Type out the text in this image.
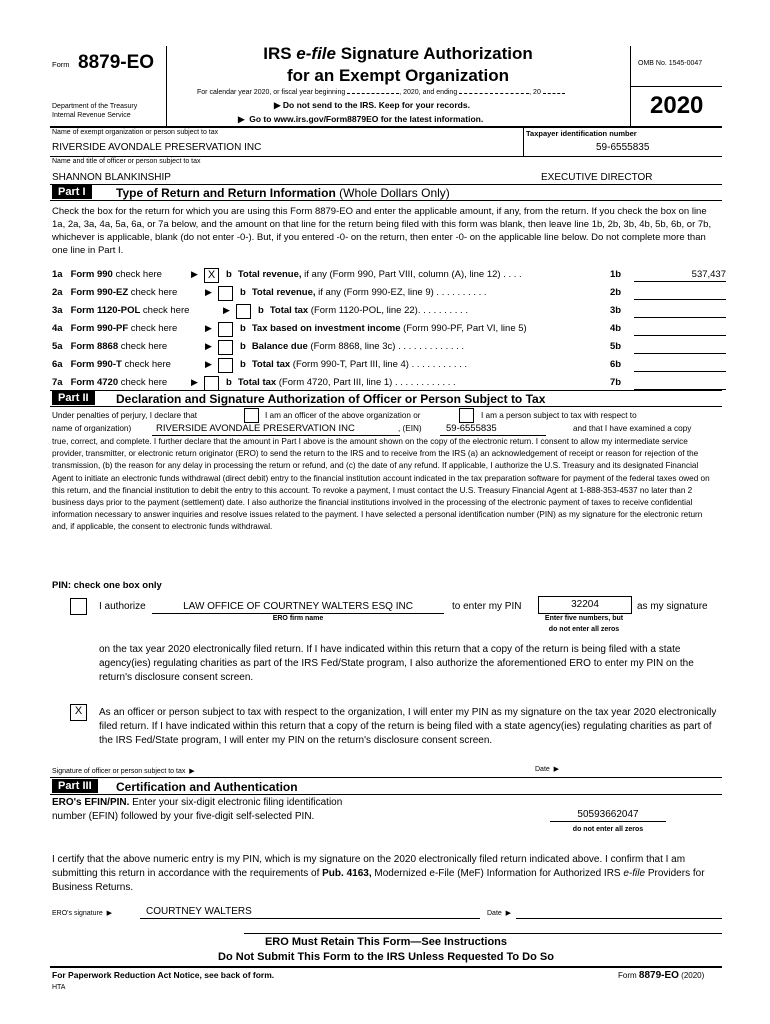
Form 8879-EO
Department of the Treasury
Internal Revenue Service
IRS e-file Signature Authorization
for an Exempt Organization
For calendar year 2020, or fiscal year beginning	, 2020, and ending	, 20
▶ Do not send to the IRS. Keep for your records.
▶  Go to www.irs.gov/Form8879EO for the latest information.
OMB No. 1545-0047
2020
Name of exempt organization or person subject to tax	Taxpayer identification number
RIVERSIDE AVONDALE PRESERVATION INC	59-6555835
Name and title of officer or person subject to tax
SHANNON BLANKINSHIP	EXECUTIVE DIRECTOR
Part I	Type of Return and Return Information (Whole Dollars Only)
Check the box for the return for which you are using this Form 8879-EO and enter the applicable amount, if any, from the return. If you check the box on line 1a, 2a, 3a, 4a, 5a, 6a, or 7a below, and the amount on that line for the return being filed with this form was blank, then leave line 1b, 2b, 3b, 4b, 5b, 6b, or 7b, whichever is applicable, blank (do not enter -0-). But, if you entered -0- on the return, then enter -0- on the applicable line below. Do not complete more than one line in Part I.
1a Form 990 check here	▶ X	b Total revenue, if any (Form 990, Part VIII, column (A), line 12) . . . .	1b	537,437
2a Form 990-EZ check here	▶	b Total revenue, if any (Form 990-EZ, line 9) . . . . . . . . . .	2b
3a Form 1120-POL check here	▶	b Total tax (Form 1120-POL, line 22). . . . . . . . . .	3b
4a Form 990-PF check here	▶	b Tax based on investment income (Form 990-PF, Part VI, line 5)	4b
5a Form 8868 check here	▶	b Balance due (Form 8868, line 3c) . . . . . . . . . . . . .	5b
6a Form 990-T check here	▶	b Total tax (Form 990-T, Part III, line 4) . . . . . . . . . . .	6b
7a Form 4720 check here	▶	b Total tax (Form 4720, Part III, line 1) . . . . . . . . . . . .	7b
Part II	Declaration and Signature Authorization of Officer or Person Subject to Tax
Under penalties of perjury, I declare that	I am an officer of the above organization or	I am a person subject to tax with respect to
name of organization)	RIVERSIDE AVONDALE PRESERVATION INC	, (EIN)	59-6555835	and that I have examined a copy
true, correct, and complete. I further declare that the amount in Part I above is the amount shown on the copy of the electronic return. I consent to allow my intermediate service provider, transmitter, or electronic return originator (ERO) to send the return to the IRS and to receive from the IRS (a) an acknowledgement of receipt or reason for rejection of the transmission, (b) the reason for any delay in processing the return or refund, and (c) the date of any refund. If applicable, I authorize the U.S. Treasury and its designated Financial Agent to initiate an electronic funds withdrawal (direct debit) entry to the financial institution account indicated in the tax preparation software for payment of the federal taxes owed on this return, and the financial institution to debit the entry to this account. To revoke a payment, I must contact the U.S. Treasury Financial Agent at 1-888-353-4537 no later than 2 business days prior to the payment (settlement) date. I also authorize the financial institutions involved in the processing of the electronic payment of taxes to receive confidential information necessary to answer inquiries and resolve issues related to the payment. I have selected a personal identification number (PIN) as my signature for the electronic return and, if applicable, the consent to electronic funds withdrawal.
PIN: check one box only
I authorize	LAW OFFICE OF COURTNEY WALTERS ESQ INC
ERO firm name
to enter my PIN	32204	as my signature
Enter five numbers, but
do not enter all zeros
on the tax year 2020 electronically filed return. If I have indicated within this return that a copy of the return is being filed with a state agency(ies) regulating charities as part of the IRS Fed/State program, I also authorize the aforementioned ERO to enter my PIN on the return's disclosure consent screen.
X	As an officer or person subject to tax with respect to the organization, I will enter my PIN as my signature on the tax year 2020 electronically filed return. If I have indicated within this return that a copy of the return is being filed with a state agency(ies) regulating charities as part of the IRS Fed/State program, I will enter my PIN on the return's disclosure consent screen.
Signature of officer or person subject to tax  ▶	Date  ▶
Part III	Certification and Authentication
ERO's EFIN/PIN. Enter your six-digit electronic filing identification
number (EFIN) followed by your five-digit self-selected PIN.	50593662047
do not enter all zeros
I certify that the above numeric entry is my PIN, which is my signature on the 2020 electronically filed return indicated above. I confirm that I am submitting this return in accordance with the requirements of Pub. 4163, Modernized e-File (MeF) Information for Authorized IRS e-file Providers for Business Returns.
ERO's signature  ▶	COURTNEY WALTERS	Date  ▶
ERO Must Retain This Form—See Instructions
Do Not Submit This Form to the IRS Unless Requested To Do So
For Paperwork Reduction Act Notice, see back of form.
HTA
Form 8879-EO (2020)
